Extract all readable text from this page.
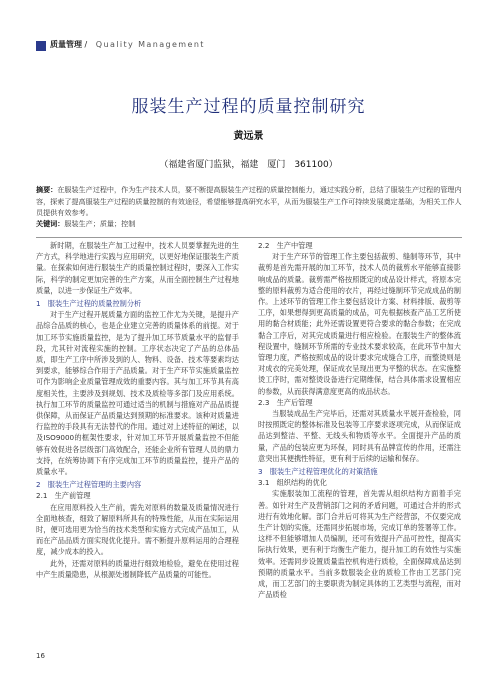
质量管理 / Quality Management
服装生产过程的质量控制研究
黄远景
（福建省厦门监狱，福建　厦门　361100）
摘要：在服装生产过程中，作为生产技术人员，要不断提高服装生产过程的质量控制能力，通过实践分析，总结了服装生产过程的管理内容，探索了提高服装生产过程的质量控制的有效途径，希望能够提高研究水平，从而为服装生产工作可持续发展奠定基础，为相关工作人员提供有效参考。
关键词：服装生产；质量；控制

新时期，在服装生产加工过程中，技术人员要掌握先进的生产方式，科学地进行实践与应用研究，以更好地保证服装生产质量。在探索如何进行服装生产的质量控制过程时，要深入工作实际，科学的制定更加完善的生产方案，从而全面控制生产过程地质量，以进一步保证生产效率。

1　服装生产过程的质量控制分析

对于生产过程开展质量方面的监控工作尤为关键，是提升产品综合品质的核心，也是企业建立完善的质量体系的前提。对于加工环节实施质量监控，是为了提升加工环节质量水平的监督手段，尤其针对流程实施的控制。工序状态决定了产品的总体品质，即生产工序中所涉及到的人、物料、设备、技术等要素均达到要求，能够综合作用于产品质量。对于生产环节实施质量监控可作为影响企业质量管理成效的重要内容。其与加工环节具有高度相关性，主要涉及到规划、技术及质检等多部门及应用系统。执行加工环节的质量监控可通过适当的机制与措施对产品品质提供保障，从而保证产品质量达到预期的标准要求。该种对质量进行监控的手段具有无法替代的作用。通过对上述特征的阐述，以及ISO9000的框架性要求，针对加工环节开展质量监控不但能够有效促进各层级部门高效配合，还能企业所有管理人员的鼎力支持，在统筹协调下有序完成加工环节的质量监控，提升产品的质量水平。

2　服装生产过程管理的主要内容

2.1　生产前管理

在应用原料投入生产前，需先对原料的数量及质量情况进行全面地核查，细致了解原料所具有的特殊性能，从而在实际运用时，便可选用更为恰当的技术类型和实施方式完成产品加工，从而在产品品质方面实现优化提升。需不断提升原料运用的合理程度，减少成本的投入。

此外，还需对原料的质量进行细致地检验，避免在使用过程中产生质量隐患，从根源处遏制降低产品质量的可能性。

2.2　生产中管理

对于生产环节的管理工作主要包括裁剪、缝制等环节，其中裁剪是首先需开展的加工环节，技术人员的裁剪水平能够直接影响成品的质量。裁剪需严格按照既定的成品设计样式，将原本完整的原料裁剪为适合使用的衣片，再经过缝制环节完成成品的制作。上述环节的管理工作主要包括设计方案、材料排版、裁剪等工序，如果想得到更高质量的成品，可先根据核查产品工艺所使用的黏合材质能；此外还需设置更符合要求的黏合参数；在完成黏合工序后，对其完成质量进行相应检验。在服装生产的整体流程设置中，缝制环节所需的专业技术要求较高，在此环节中加大管理力度，严格按照成品的设计要求完成缝合工序，而整烫则是对成衣的完美处理，保证成衣呈现出更为平整的状态。在实施整烫工序时，需对整烫设备进行定期维保，结合具体需求设置相应的参数，从而获得满意度更高的成品状态。

2.3　生产后管理

当服装成品生产完毕后，还需对其质量水平展开查检验，同时按照既定的整体标准及包装等工序要求逐项完成，从而保证成品达到整洁、平整、无线头和物质等水平。全面提升产品的质量，产品的包装应更为环保，同时具有品牌宣传的作用，还需注意突出其便携性特征，更有利于后续的运输和保存。

3　服装生产过程管理优化的对策措施

3.1　组织结构的优化

实施服装加工流程的管理，首先需从组织结构方面着手完善。如针对生产及营销部门之间的矛盾问题，可通过合并的形式进行有效地化解。部门合并后可将其为生产经营部，不仅要完成生产计划的实施，还需同步拓展市场，完成订单的签署等工作。这样不但能够增加人员编制，还可有效提升产品可控性，提高实际执行效果，更有利于均衡生产能力，提升加工的有效性与实施效率。还需同步设置质量监控机构进行质检，全面保障成品达到预期的质量水平。当前多数服装企业的质检工作由工艺部门完成，而工艺部门的主要职责为制定具体的工艺类型与流程，而对产品质检

16
